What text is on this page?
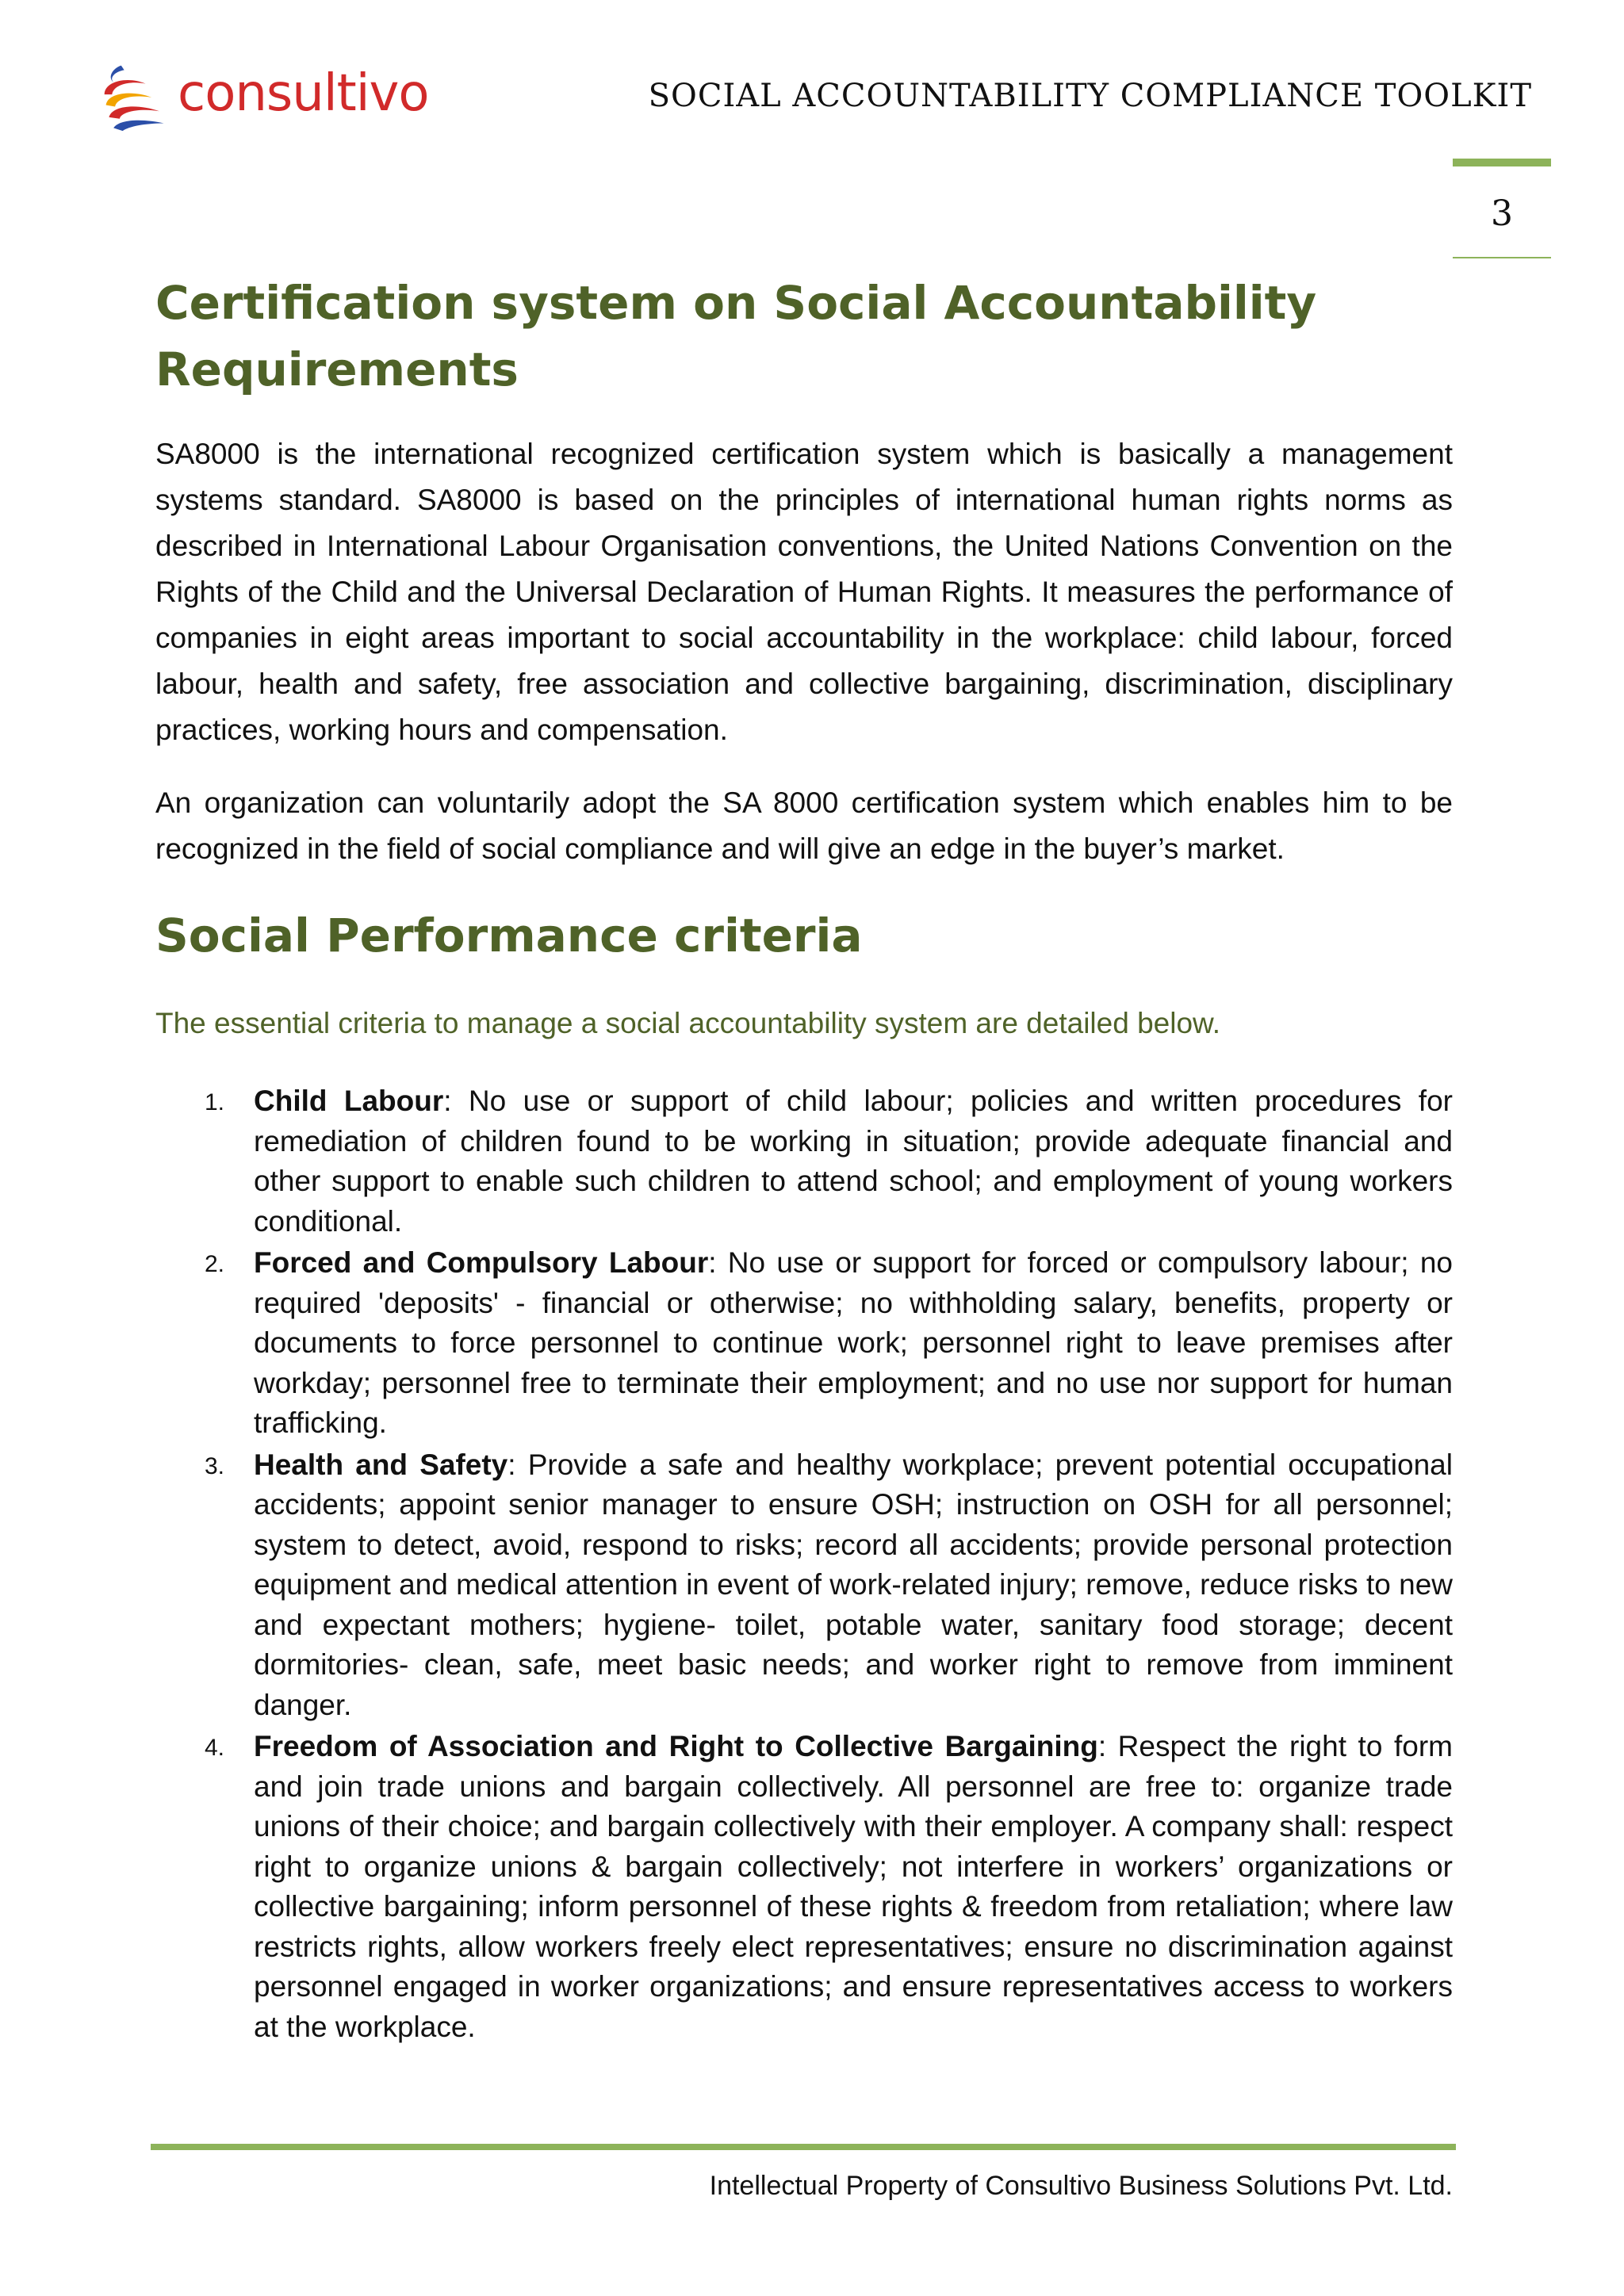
consultivo	SOCIAL ACCOUNTABILITY COMPLIANCE TOOLKIT
3
Certification system on Social Accountability
Requirements

SA8000 is the international recognized certification system which is basically a management systems standard. SA8000 is based on the principles of international human rights norms as described in International Labour Organisation conventions, the United Nations Convention on the Rights of the Child and the Universal Declaration of Human Rights. It measures the performance of companies in eight areas important to social accountability in the workplace: child labour, forced labour, health and safety, free association and collective bargaining, discrimination, disciplinary practices, working hours and compensation.

An organization can voluntarily adopt the SA 8000 certification system which enables him to be recognized in the field of social compliance and will give an edge in the buyer’s market.

Social Performance criteria

The essential criteria to manage a social accountability system are detailed below.

1. Child Labour: No use or support of child labour; policies and written procedures for remediation of children found to be working in situation; provide adequate financial and other support to enable such children to attend school; and employment of young workers conditional.
2. Forced and Compulsory Labour: No use or support for forced or compulsory labour; no required 'deposits' - financial or otherwise; no withholding salary, benefits, property or documents to force personnel to continue work; personnel right to leave premises after workday; personnel free to terminate their employment; and no use nor support for human trafficking.
3. Health and Safety: Provide a safe and healthy workplace; prevent potential occupational accidents; appoint senior manager to ensure OSH; instruction on OSH for all personnel; system to detect, avoid, respond to risks; record all accidents; provide personal protection equipment and medical attention in event of work-related injury; remove, reduce risks to new and expectant mothers; hygiene- toilet, potable water, sanitary food storage; decent dormitories- clean, safe, meet basic needs; and worker right to remove from imminent danger.
4. Freedom of Association and Right to Collective Bargaining: Respect the right to form and join trade unions and bargain collectively. All personnel are free to: organize trade unions of their choice; and bargain collectively with their employer. A company shall: respect right to organize unions & bargain collectively; not interfere in workers’ organizations or collective bargaining; inform personnel of these rights & freedom from retaliation; where law restricts rights, allow workers freely elect representatives; ensure no discrimination against personnel engaged in worker organizations; and ensure representatives access to workers at the workplace.
Intellectual Property of Consultivo Business Solutions Pvt. Ltd.
